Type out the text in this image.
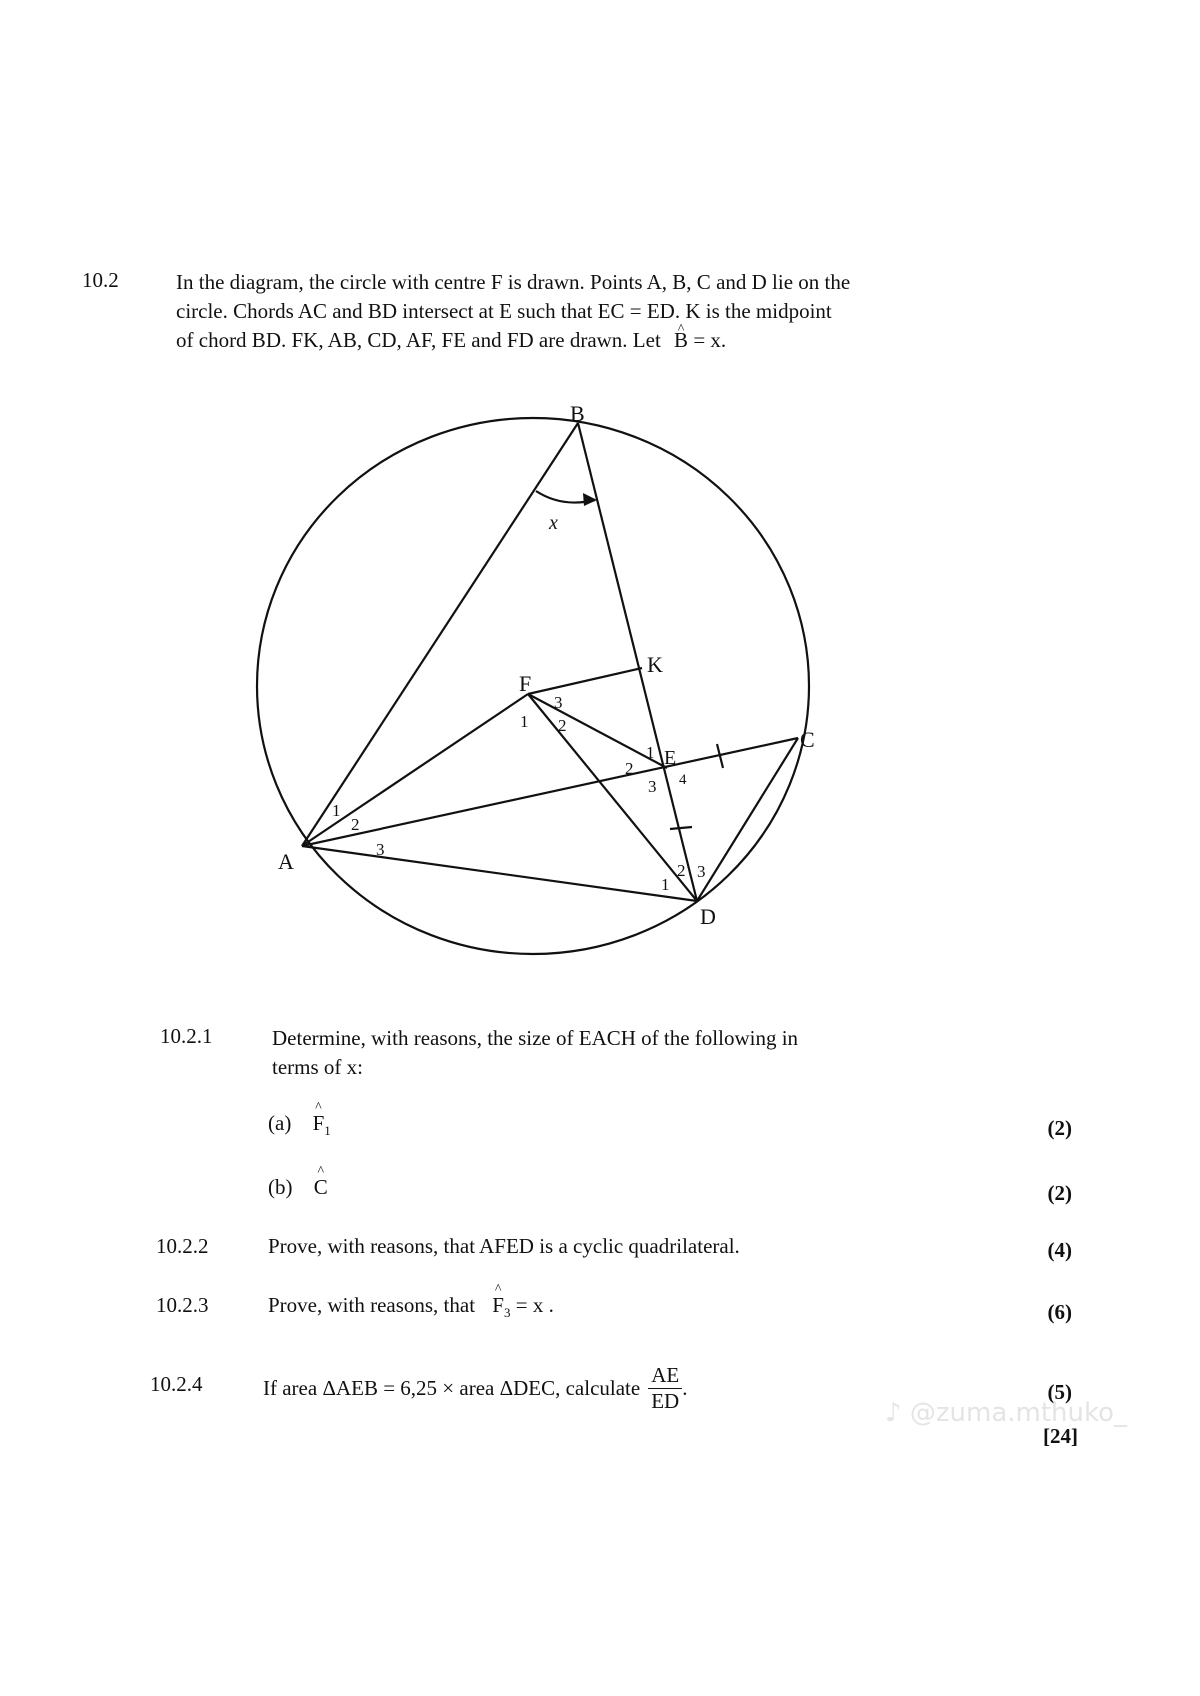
10.2	In the diagram, the circle with centre F is drawn. Points A, B, C and D lie on the
circle. Chords AC and BD intersect at E such that EC = ED. K is the midpoint
of chord BD. FK, AB, CD, AF, FE and FD are drawn. Let ^ B = x.
B
K
F
E
C
A
D
x
1
2
3
1 2
3
1
2
3 4
1
2 3
10.2.1	Determine, with reasons, the size of EACH of the following in
terms of x:
(a) ^ $F_1$	(2)
(b) ^ C	(2)
10.2.2	Prove, with reasons, that AFED is a cyclic quadrilateral.	(4)
10.2.3	Prove, with reasons, that ^ $F_3 = x$ .	(6)
10.2.4	If area ΔAEB = 6,25 × area ΔDEC, calculate $\frac{AE}{ED}$ .	(5)
[24]
♪ @zuma.mthuko_
